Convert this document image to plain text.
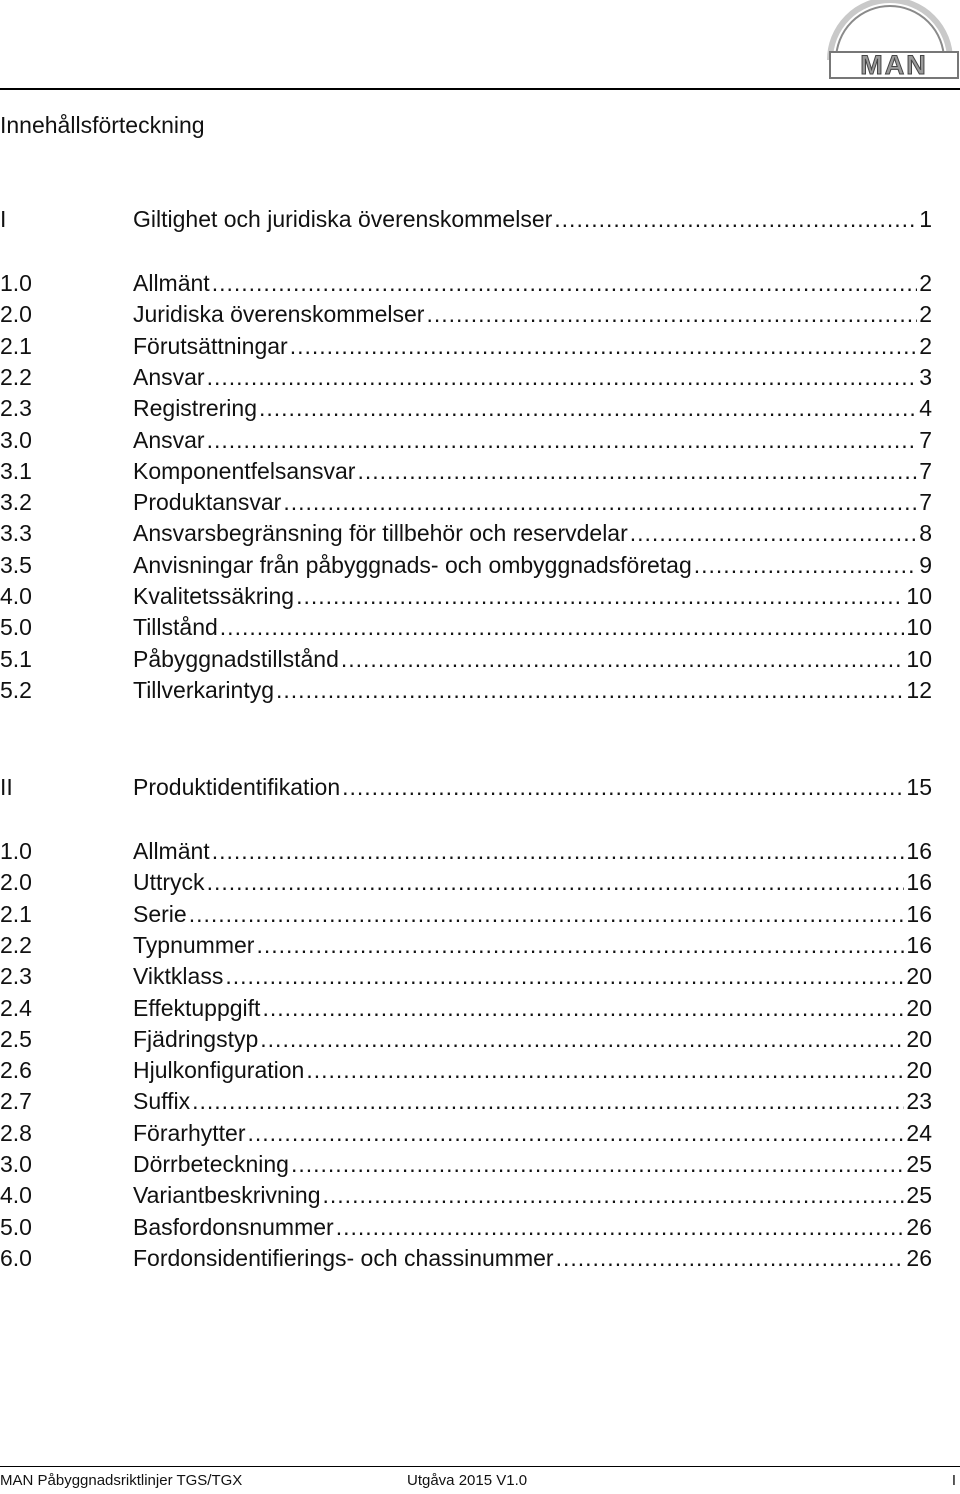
MAN
Innehållsförteckning
I	Giltighet och juridiska överenskommelser .....	1
1.0	Allmänt .....	2
2.0	Juridiska överenskommelser .....	2
2.1	Förutsättningar .....	2
2.2	Ansvar .....	3
2.3	Registrering .....	4
3.0	Ansvar .....	7
3.1	Komponentfelsansvar .....	7
3.2	Produktansvar .....	7
3.3	Ansvarsbegränsning för tillbehör och reservdelar .....	8
3.5	Anvisningar från påbyggnads- och ombyggnadsföretag .....	9
4.0	Kvalitetssäkring .....	10
5.0	Tillstånd .....	10
5.1	Påbyggnadstillstånd .....	10
5.2	Tillverkarintyg .....	12
II	Produktidentifikation .....	15
1.0	Allmänt .....	16
2.0	Uttryck .....	16
2.1	Serie .....	16
2.2	Typnummer .....	16
2.3	Viktklass .....	20
2.4	Effektuppgift .....	20
2.5	Fjädringstyp .....	20
2.6	Hjulkonfiguration .....	20
2.7	Suffix .....	23
2.8	Förarhytter .....	24
3.0	Dörrbeteckning .....	25
4.0	Variantbeskrivning .....	25
5.0	Basfordonsnummer .....	26
6.0	Fordonsidentifierings- och chassinummer .....	26
MAN Påbyggnadsriktlinjer TGS/TGX	Utgåva 2015 V1.0	I
